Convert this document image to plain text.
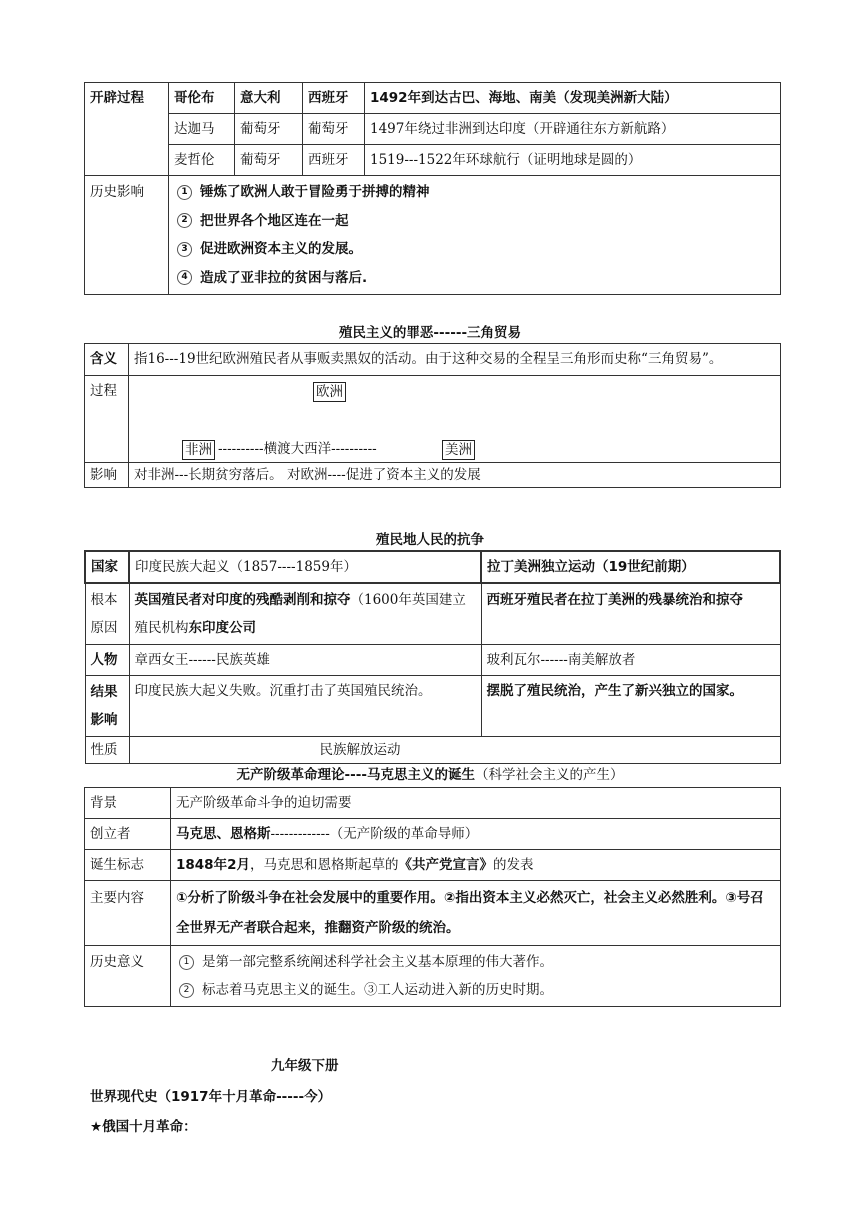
开辟过程	哥伦布	意大利	西班牙	1492年到达古巴、海地、南美（发现美洲新大陆）
	达迦马	葡萄牙	葡萄牙	1497年绕过非洲到达印度（开辟通往东方新航路）
	麦哲伦	葡萄牙	西班牙	1519---1522年环球航行（证明地球是圆的）
历史影响	1 锤炼了欧洲人敢于冒险勇于拼搏的精神
2 把世界各个地区连在一起
3 促进欧洲资本主义的发展。
4 造成了亚非拉的贫困与落后.			
殖民主义的罪恶------三角贸易
含义	指16---19世纪欧洲殖民者从事贩卖黑奴的活动。由于这种交易的全程呈三角形而史称“三角贸易”。
过程	欧洲
非洲 ----------横渡大西洋---------- 美洲

影响	对非洲---长期贫穷落后。 对欧洲----促进了资本主义的发展
殖民地人民的抗争
国家	印度民族大起义（1857----1859年）	拉丁美洲独立运动（19世纪前期）
根本原因	英国殖民者对印度的残酷剥削和掠夺（1600年英国建立殖民机构东印度公司	西班牙殖民者在拉丁美洲的残暴统治和掠夺
人物	章西女王------民族英雄	玻利瓦尔------南美解放者
结果影响	印度民族大起义失败。沉重打击了英国殖民统治。	摆脱了殖民统治，产生了新兴独立的国家。
性质	民族解放运动	
无产阶级革命理论----马克思主义的诞生（科学社会主义的产生）
背景	无产阶级革命斗争的迫切需要
创立者	马克思、恩格斯-------------（无产阶级的革命导师）
诞生标志	1848年2月，马克思和恩格斯起草的《共产党宣言》的发表
主要内容	①分析了阶级斗争在社会发展中的重要作用。②指出资本主义必然灭亡，社会主义必然胜利。③号召全世界无产者联合起来，推翻资产阶级的统治。
历史意义	1 是第一部完整系统阐述科学社会主义基本原理的伟大著作。
2 标志着马克思主义的诞生。③工人运动进入新的历史时期。
九年级下册
世界现代史（1917年十月革命-----今）
★俄国十月革命：
